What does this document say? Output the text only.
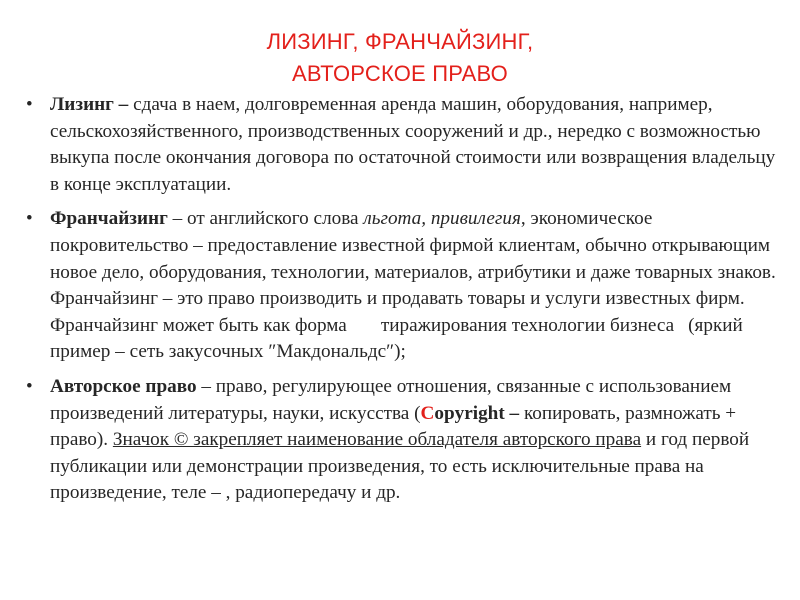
ЛИЗИНГ, ФРАНЧАЙЗИНГ,
АВТОРСКОЕ ПРАВО
• Лизинг – сдача в наем, долговременная аренда машин, оборудования, например, сельскохозяйственного, производственных сооружений и др., нередко с возможностью выкупа после окончания договора по остаточной стоимости или возвращения владельцу в конце эксплуатации.
• Франчайзинг – от английского слова льгота, привилегия, экономическое покровительство – предоставление известной фирмой клиентам, обычно открывающим новое дело, оборудования, технологии, материалов, атрибутики и даже товарных знаков. Франчайзинг – это право производить и продавать товары и услуги известных фирм. Франчайзинг может быть как форма тиражирования технологии бизнеса (яркий пример – сеть закусочных ″Макдональдс″);
• Авторское право – право, регулирующее отношения, связанные с использованием произведений литературы, науки, искусства (Copyright – копировать, размножать + право). Значок © закрепляет наименование обладателя авторского права и год первой публикации или демонстрации произведения, то есть исключительные права на произведение, теле – , радиопередачу и др.
